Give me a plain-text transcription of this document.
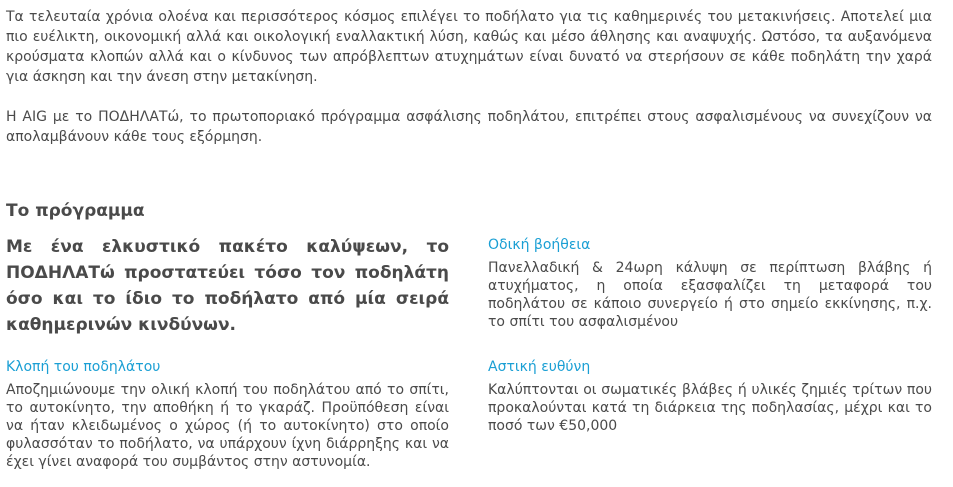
Τα τελευταία χρόνια ολοένα και περισσότερος κόσμος επιλέγει το ποδήλατο για τις καθημερινές του μετακινήσεις. Αποτελεί μια πιο ευέλικτη, οικονομική αλλά και οικολογική εναλλακτική λύση, καθώς και μέσο άθλησης και αναψυχής. Ωστόσο, τα αυξανόμενα κρούσματα κλοπών αλλά και ο κίνδυνος των απρόβλεπτων ατυχημάτων είναι δυνατό να στερήσουν σε κάθε ποδηλάτη την χαρά για άσκηση και την άνεση στην μετακίνηση.

Η AIG με το ΠΟΔΗΛΑΤώ, το πρωτοποριακό πρόγραμμα ασφάλισης ποδηλάτου, επιτρέπει στους ασφαλισμένους να συνεχίζουν να απολαμβάνουν κάθε τους εξόρμηση.

Το πρόγραμμα
Με ένα ελκυστικό πακέτο καλύψεων, το ΠΟΔΗΛΑΤώ προστατεύει τόσο τον ποδηλάτη όσο και το ίδιο το ποδήλατο από μία σειρά καθημερινών κινδύνων.
Οδική βοήθεια

Πανελλαδική & 24ωρη κάλυψη σε περίπτωση βλάβης ή ατυχήματος, η οποία εξασφαλίζει τη μεταφορά του ποδηλάτου σε κάποιο συνεργείο ή στο σημείο εκκίνησης, π.χ. το σπίτι του ασφαλισμένου

Κλοπή του ποδηλάτου

Αποζημιώνουμε την ολική κλοπή του ποδηλάτου από το σπίτι, το αυτοκίνητο, την αποθήκη ή το γκαράζ. Προϋπόθεση είναι να ήταν κλειδωμένος ο χώρος (ή το αυτοκίνητο) στο οποίο φυλασσόταν το ποδήλατο, να υπάρχουν ίχνη διάρρηξης και να έχει γίνει αναφορά του συμβάντος στην αστυνομία.

Αστική ευθύνη

Καλύπτονται οι σωματικές βλάβες ή υλικές ζημιές τρίτων που προκαλούνται κατά τη διάρκεια της ποδηλασίας, μέχρι και το ποσό των €50,000
